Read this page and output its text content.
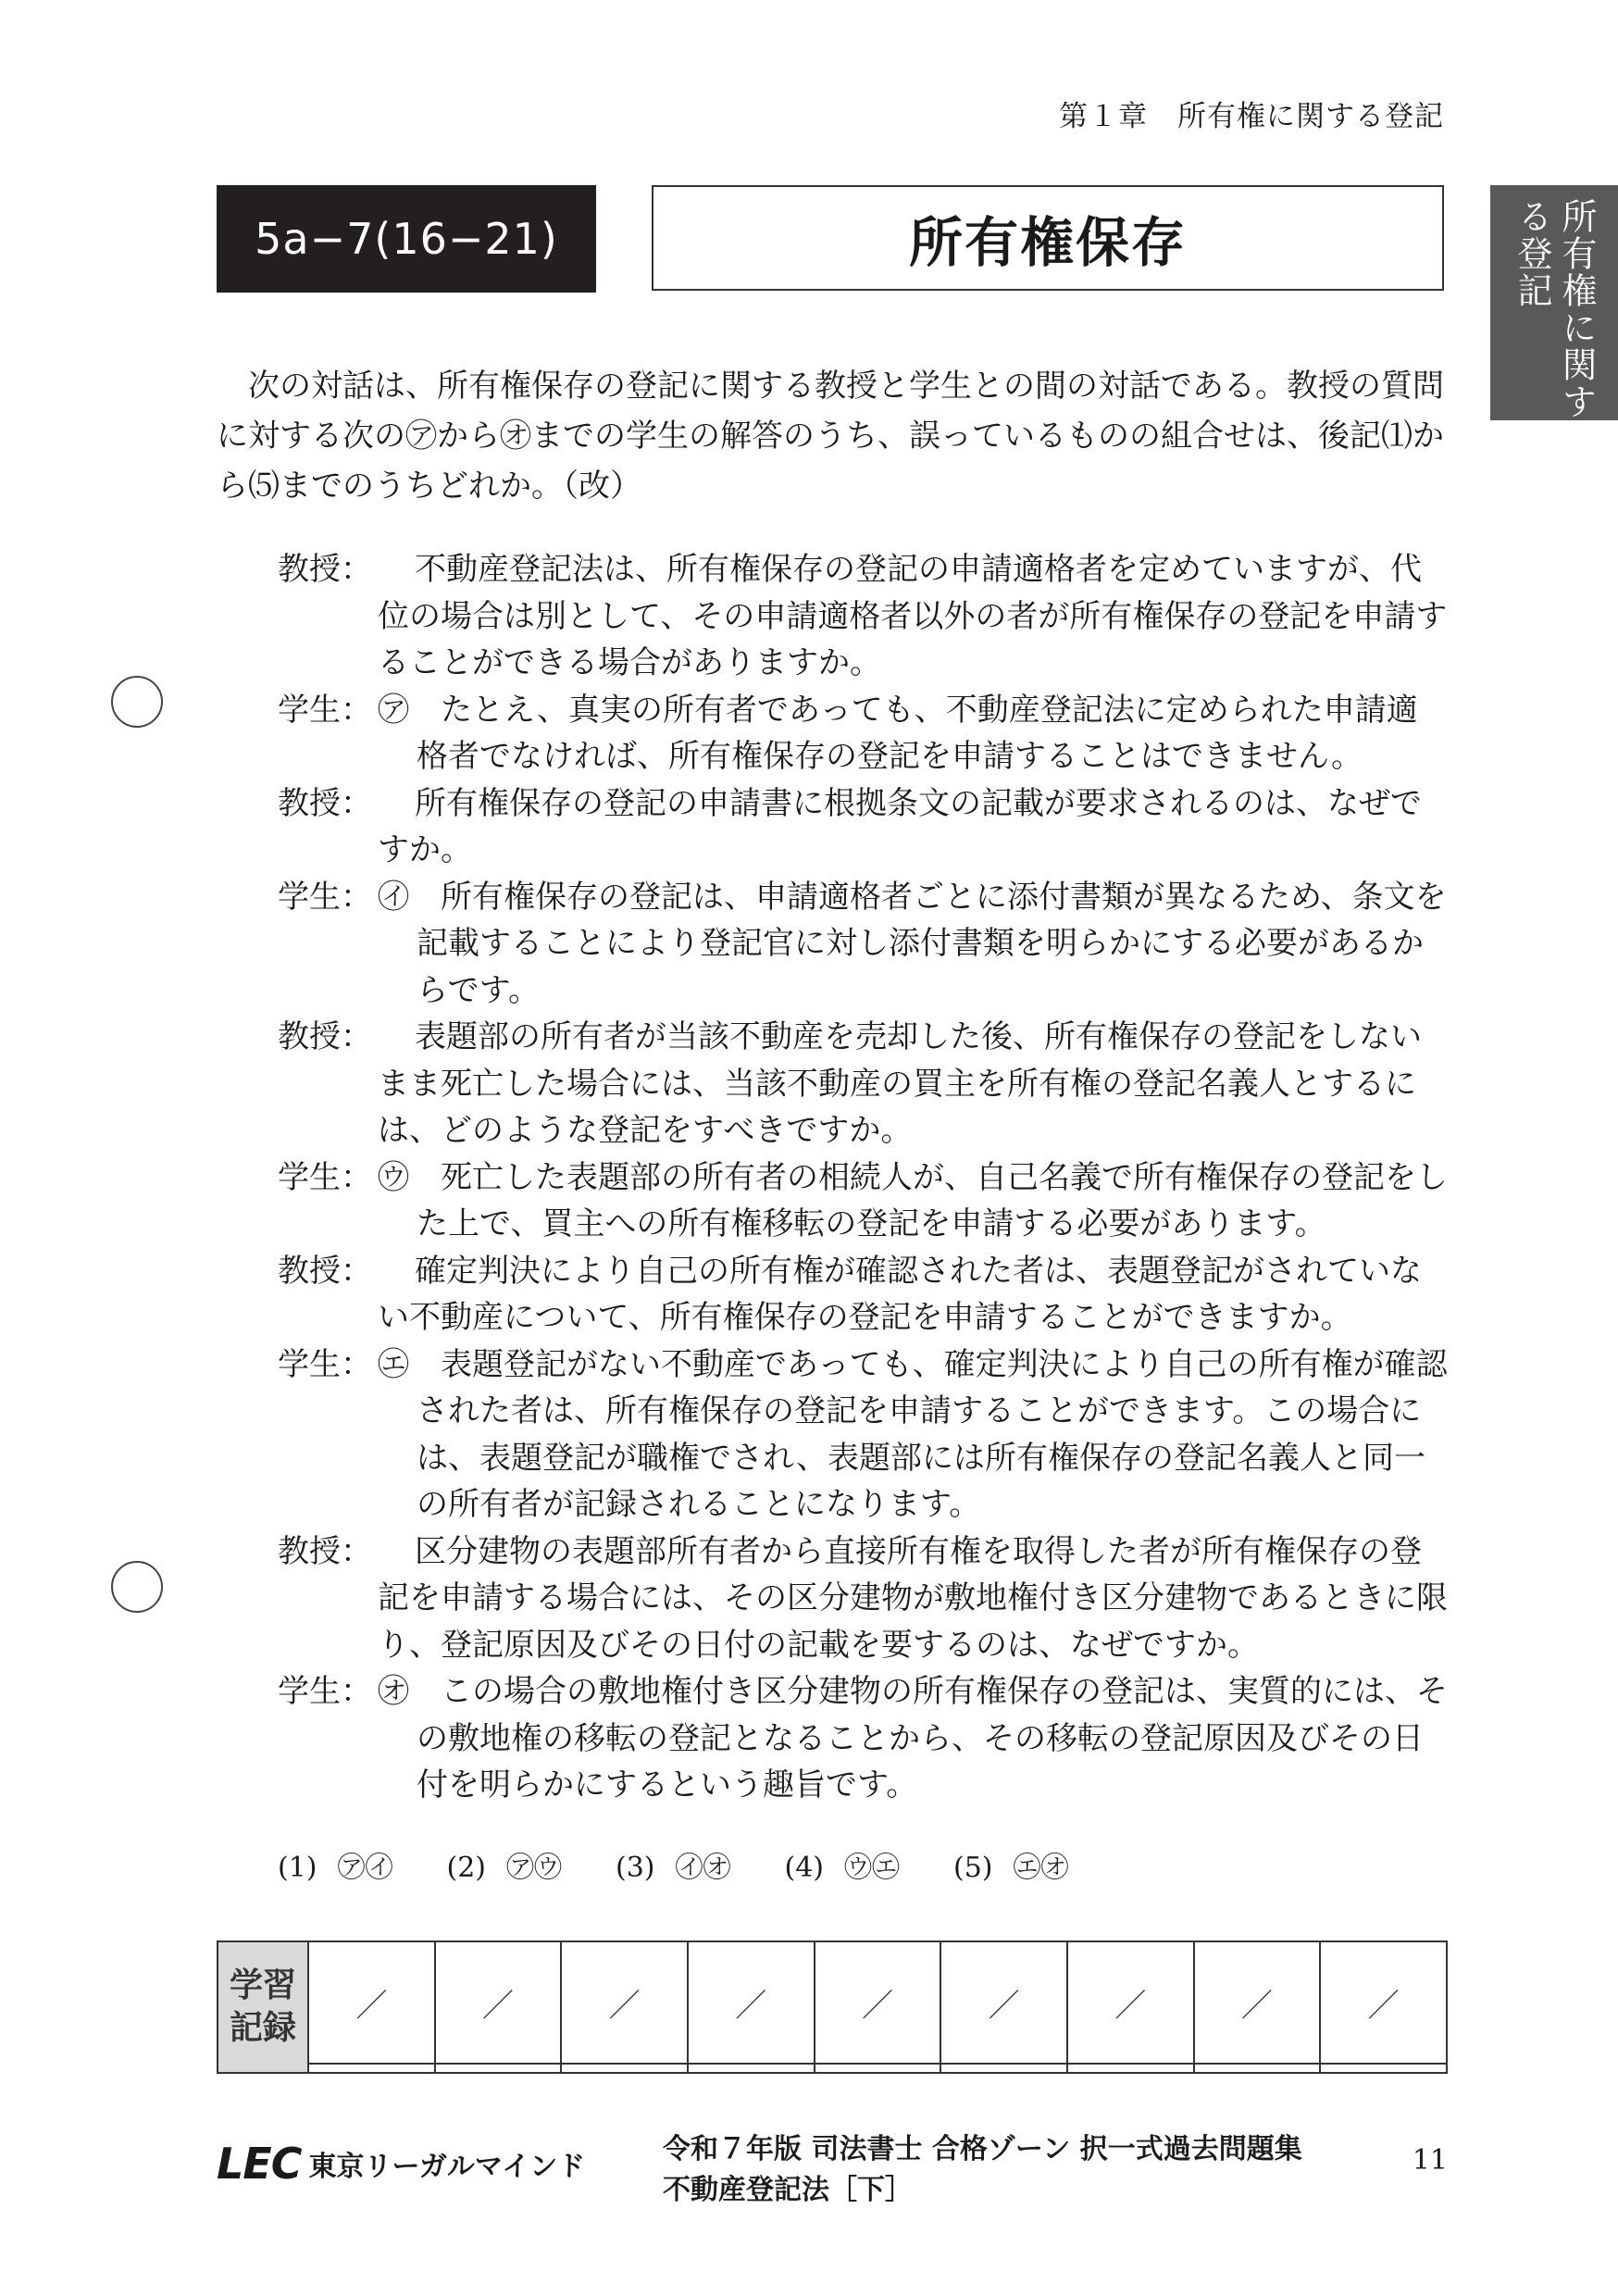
第１章　所有権に関する登記
5a−7(16−21)	所有権保存	所有権に関す
る登記
次の対話は、所有権保存の登記に関する教授と学生との間の対話である。教授の質問に対する次の㋐から㋔までの学生の解答のうち、誤っているものの組合せは、後記⑴から⑸までのうちどれか。（改）
教授：	不動産登記法は、所有権保存の登記の申請適格者を定めていますが、代位の場合は別として、その申請適格者以外の者が所有権保存の登記を申請することができる場合がありますか。
学生： ㋐　 たとえ、真実の所有者であっても、不動産登記法に定められた申請適格者でなければ、所有権保存の登記を申請することはできません。
教授：	所有権保存の登記の申請書に根拠条文の記載が要求されるのは、なぜですか。
学生： ㋑　 所有権保存の登記は、申請適格者ごとに添付書類が異なるため、条文を記載することにより登記官に対し添付書類を明らかにする必要があるからです。
教授：	表題部の所有者が当該不動産を売却した後、所有権保存の登記をしないまま死亡した場合には、当該不動産の買主を所有権の登記名義人とするには、どのような登記をすべきですか。
学生： ㋒　 死亡した表題部の所有者の相続人が、自己名義で所有権保存の登記をした上で、買主への所有権移転の登記を申請する必要があります。
教授：	確定判決により自己の所有権が確認された者は、表題登記がされていない不動産について、所有権保存の登記を申請することができますか。
学生： ㋓　 表題登記がない不動産であっても、確定判決により自己の所有権が確認された者は、所有権保存の登記を申請することができます。この場合には、表題登記が職権でされ、表題部には所有権保存の登記名義人と同一の所有者が記録されることになります。
教授：	区分建物の表題部所有者から直接所有権を取得した者が所有権保存の登記を申請する場合には、その区分建物が敷地権付き区分建物であるときに限り、登記原因及びその日付の記載を要するのは、なぜですか。
学生： ㋔　 この場合の敷地権付き区分建物の所有権保存の登記は、実質的には、その敷地権の移転の登記となることから、その移転の登記原因及びその日付を明らかにするという趣旨です。
(1) ㋐㋑ (2) ㋐㋒ (3) ㋑㋔ (4) ㋒㋓ (5) ㋓㋔
学習
記録	／	／	／	／	／	／	／	／	／

LEC 東京リーガルマインド
令和７年版 司法書士 合格ゾーン 択一式過去問題集
不動産登記法［下］
11
